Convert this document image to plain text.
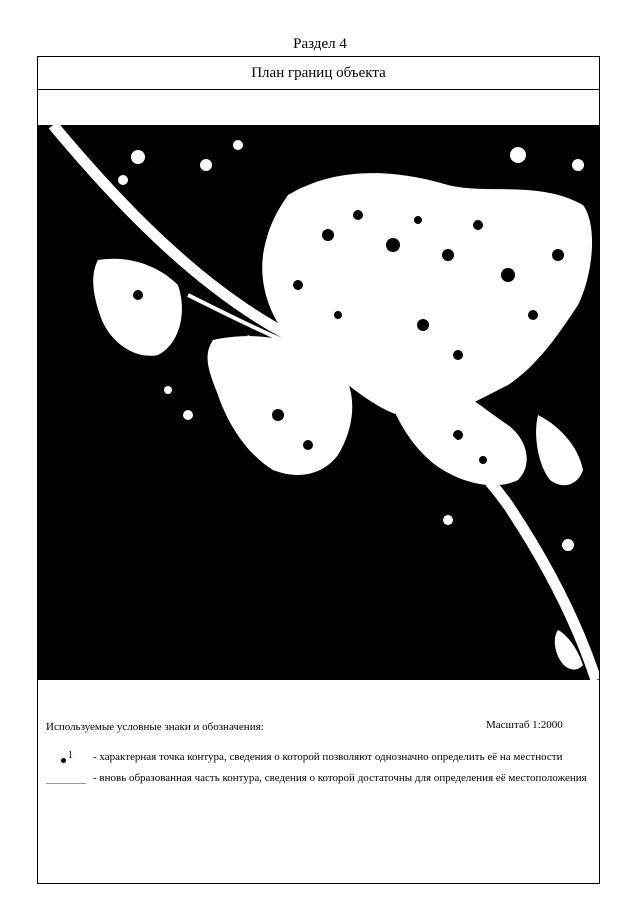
Раздел 4
План границ объекта
Используемые условные знаки и обозначения:	Масштаб 1:2000
1 - характерная точка контура, сведения о которой позволяют однозначно определить её на местности
- вновь образованная часть контура, сведения о которой достаточны для определения её местоположения
